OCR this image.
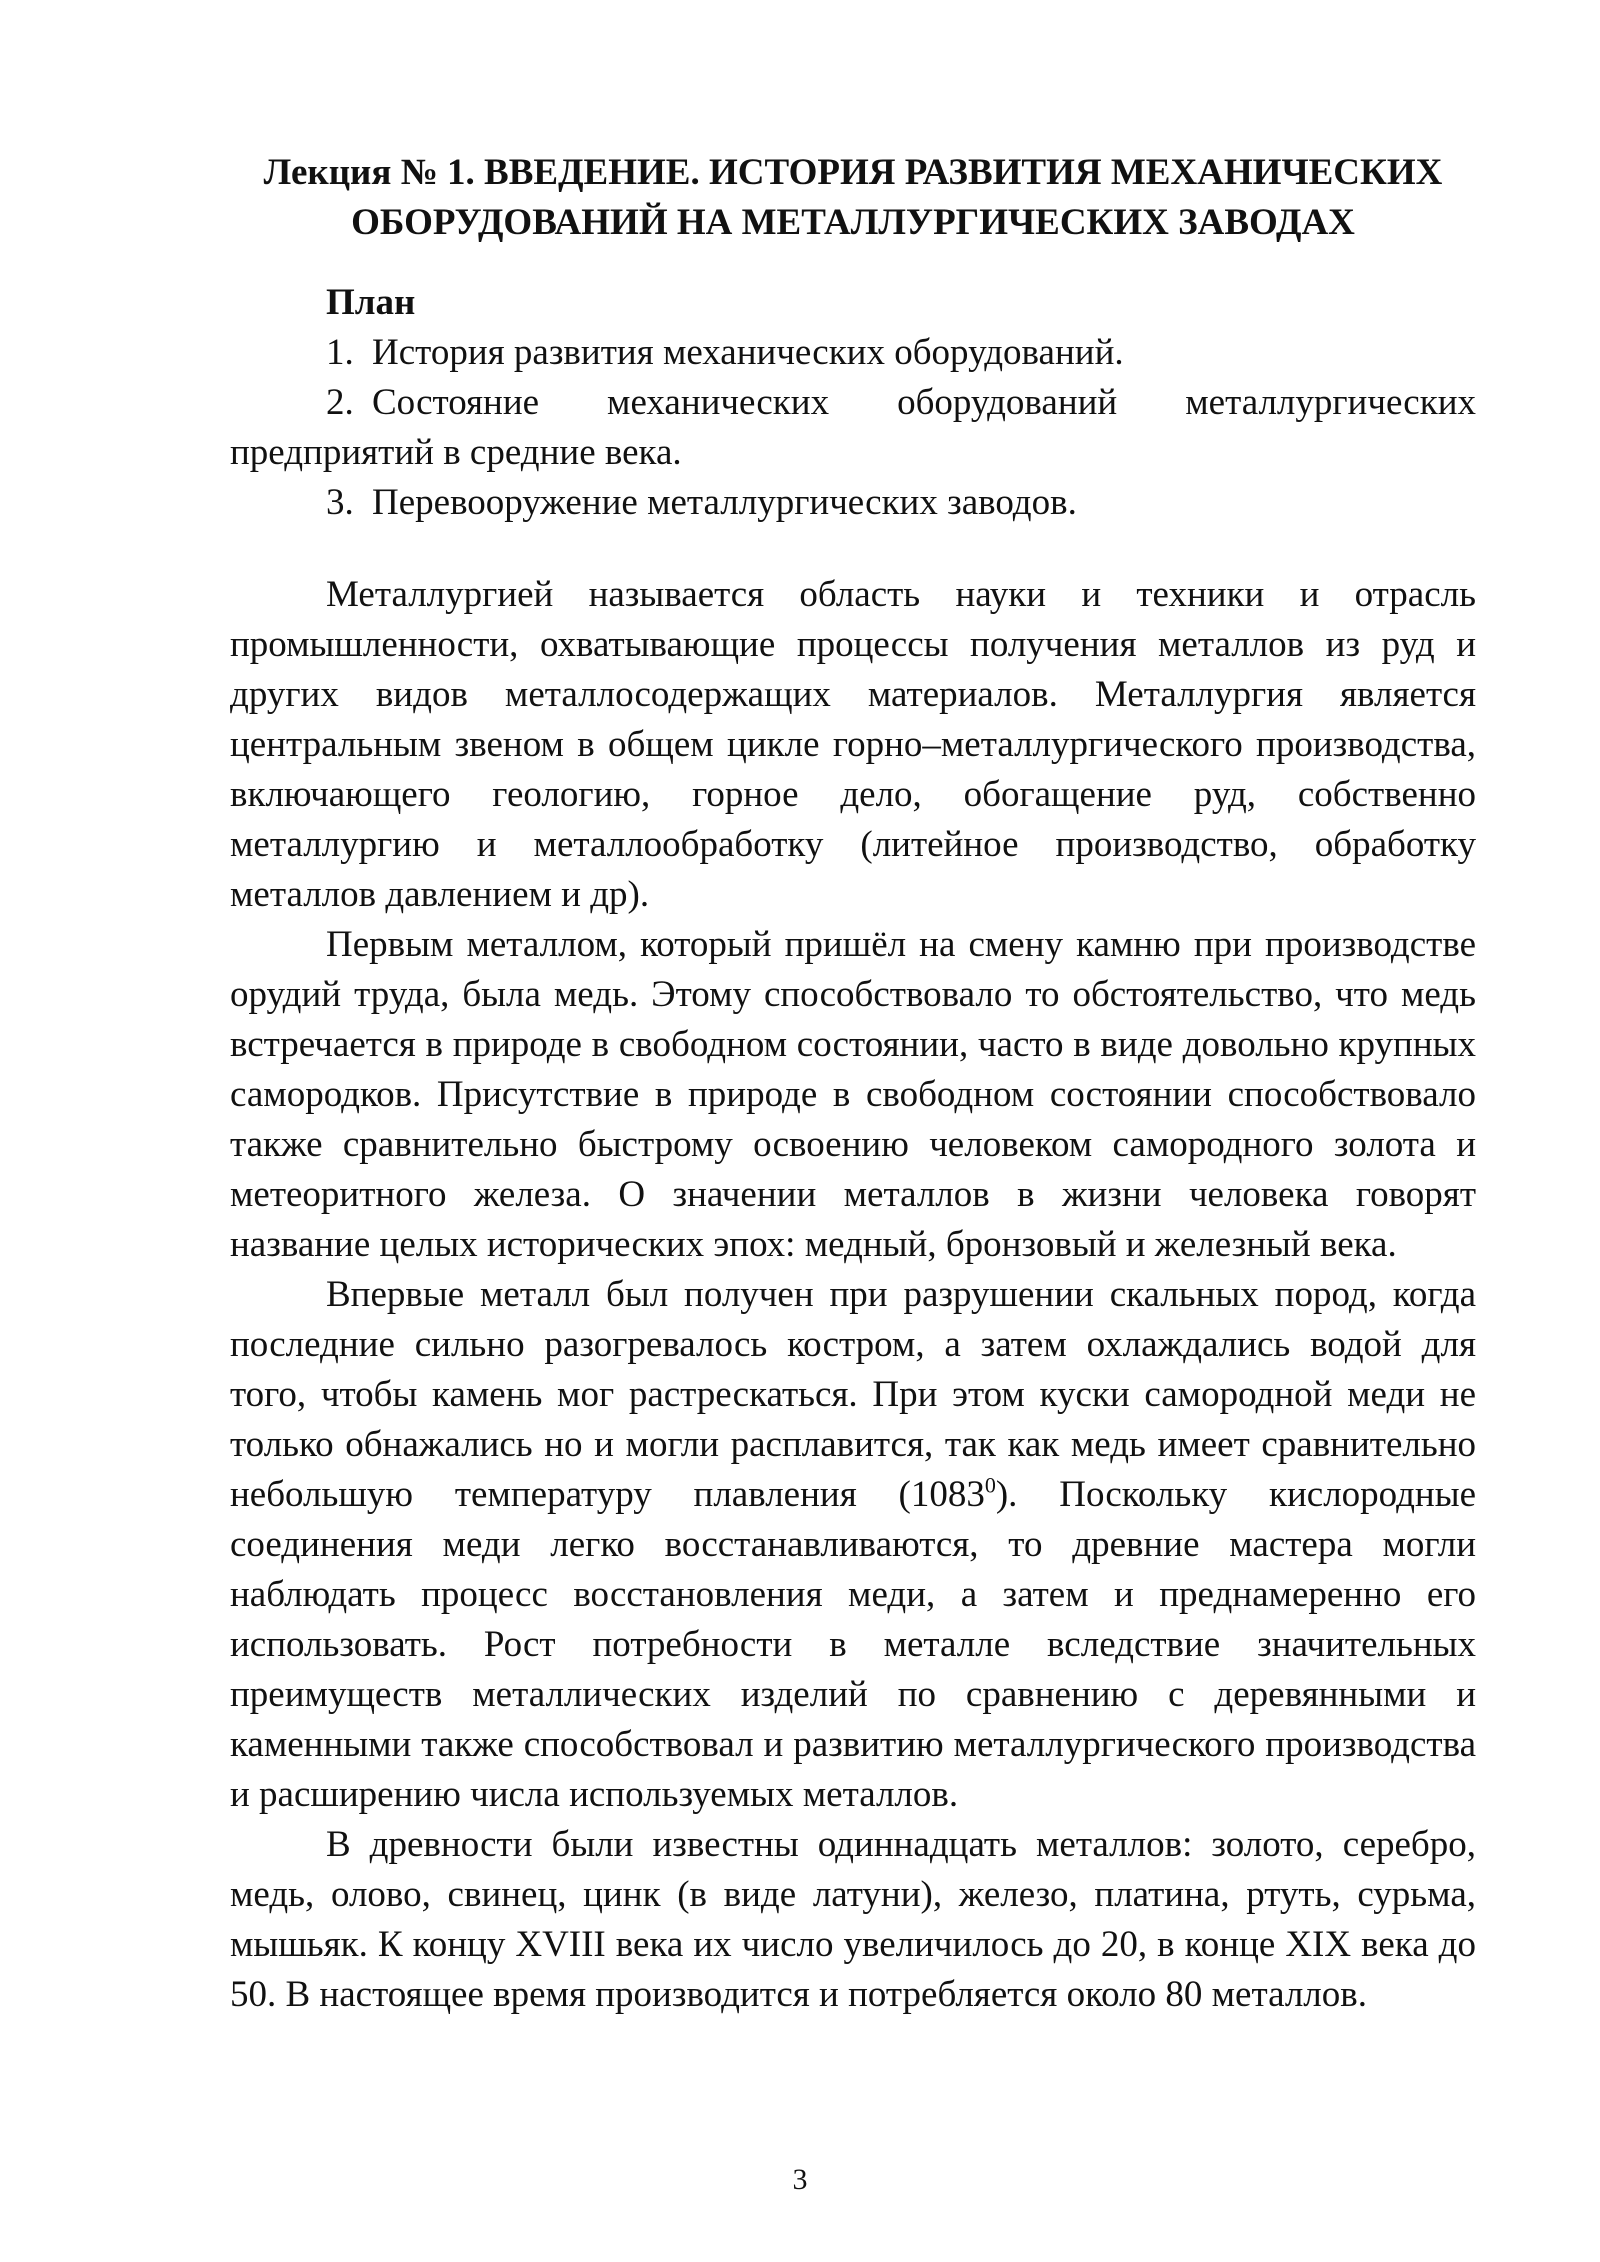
Лекция № 1. ВВЕДЕНИЕ. ИСТОРИЯ РАЗВИТИЯ МЕХАНИЧЕСКИХ
ОБОРУДОВАНИЙ НА МЕТАЛЛУРГИЧЕСКИХ ЗАВОДАХ
План
1. История развития механических оборудований.
2. Состояние механических оборудований металлургических предприятий в средние века.
3. Перевооружение металлургических заводов.

Металлургией называется область науки и техники и отрасль промышленности, охватывающие процессы получения металлов из руд и других видов металлосодержащих материалов. Металлургия является центральным звеном в общем цикле горно–металлургического производства, включающего геологию, горное дело, обогащение руд, собственно металлургию и металлообработку (литейное производство, обработку металлов давлением и др).

Первым металлом, который пришёл на смену камню при производстве орудий труда, была медь. Этому способствовало то обстоятельство, что медь встречается в природе в свободном состоянии, часто в виде довольно крупных самородков. Присутствие в природе в свободном состоянии способствовало также сравнительно быстрому освоению человеком самородного золота и метеоритного железа. О значении металлов в жизни человека говорят название целых исторических эпох: медный, бронзовый и железный века.

Впервые металл был получен при разрушении скальных пород, когда последние сильно разогревалось костром, а затем охлаждались водой для того, чтобы камень мог растрескаться. При этом куски самородной меди не только обнажались но и могли расплавится, так как медь имеет сравнительно небольшую температуру плавления (1083$^0$). Поскольку кислородные соединения меди легко восстанавливаются, то древние мастера могли наблюдать процесс восстановления меди, а затем и преднамеренно его использовать. Рост потребности в металле вследствие значительных преимуществ металлических изделий по сравнению с деревянными и каменными также способствовал и развитию металлургического производства и расширению числа используемых металлов.

В древности были известны одиннадцать металлов: золото, серебро, медь, олово, свинец, цинк (в виде латуни), железо, платина, ртуть, сурьма, мышьяк. К концу XVIII века их число увеличилось до 20, в конце XIX века до 50. В настоящее время производится и потребляется около 80 металлов.

3
